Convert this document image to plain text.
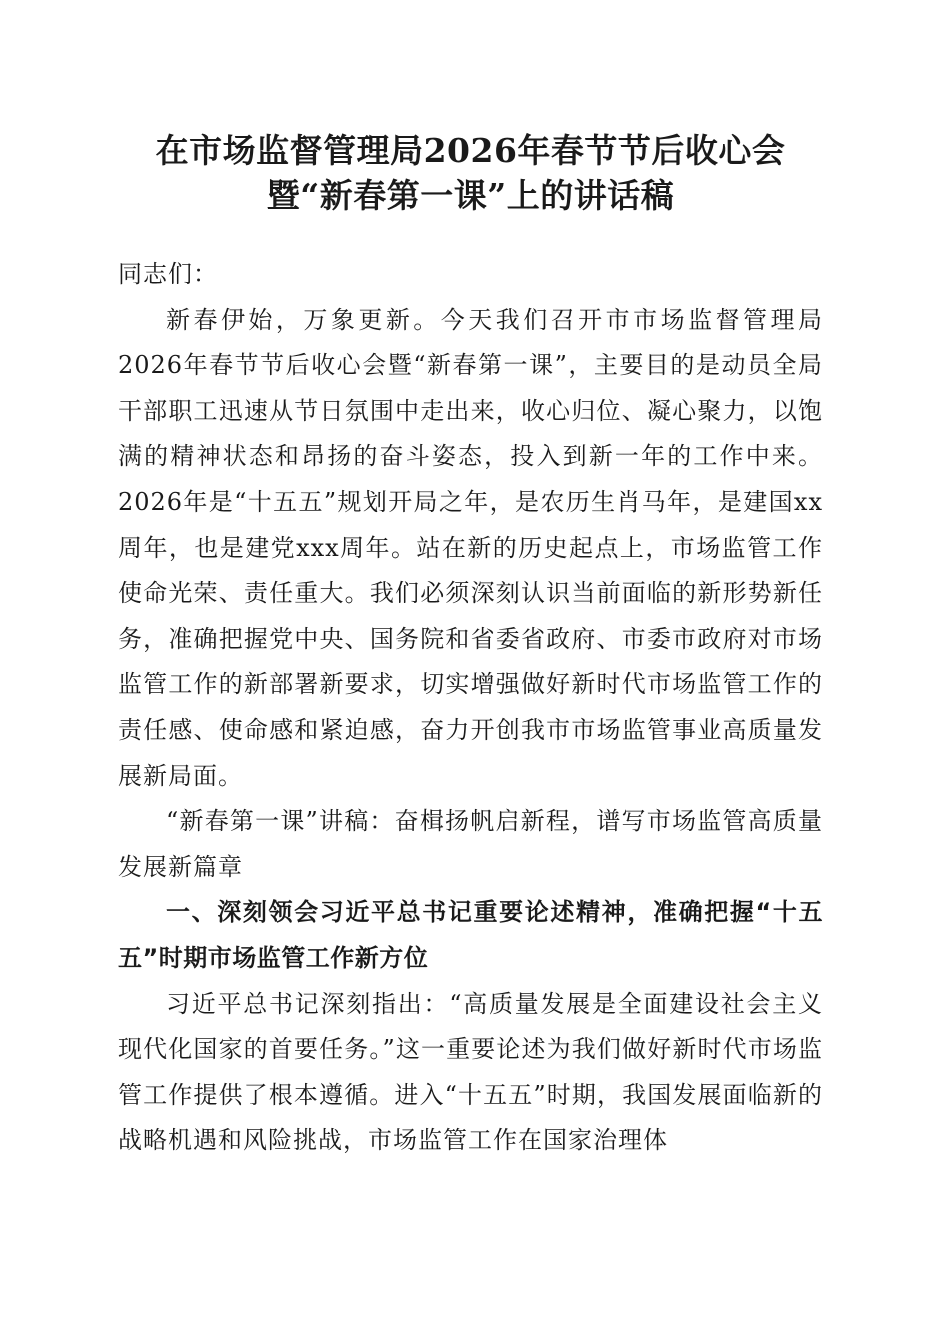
在市场监督管理局2026年春节节后收心会
暨“新春第一课”上的讲话稿

同志们：

新春伊始，万象更新。今天我们召开市市场监督管理局2026年春节节后收心会暨“新春第一课”，主要目的是动员全局干部职工迅速从节日氛围中走出来，收心归位、凝心聚力，以饱满的精神状态和昂扬的奋斗姿态，投入到新一年的工作中来。2026年是“十五五”规划开局之年，是农历生肖马年，是建国xx周年，也是建党xxx周年。站在新的历史起点上，市场监管工作使命光荣、责任重大。我们必须深刻认识当前面临的新形势新任务，准确把握党中央、国务院和省委省政府、市委市政府对市场监管工作的新部署新要求，切实增强做好新时代市场监管工作的责任感、使命感和紧迫感，奋力开创我市市场监管事业高质量发展新局面。

“新春第一课”讲稿：奋楫扬帆启新程，谱写市场监管高质量发展新篇章

一、深刻领会习近平总书记重要论述精神，准确把握“十五五”时期市场监管工作新方位

习近平总书记深刻指出：“高质量发展是全面建设社会主义现代化国家的首要任务。”这一重要论述为我们做好新时代市场监管工作提供了根本遵循。进入“十五五”时期，我国发展面临新的战略机遇和风险挑战，市场监管工作在国家治理体
